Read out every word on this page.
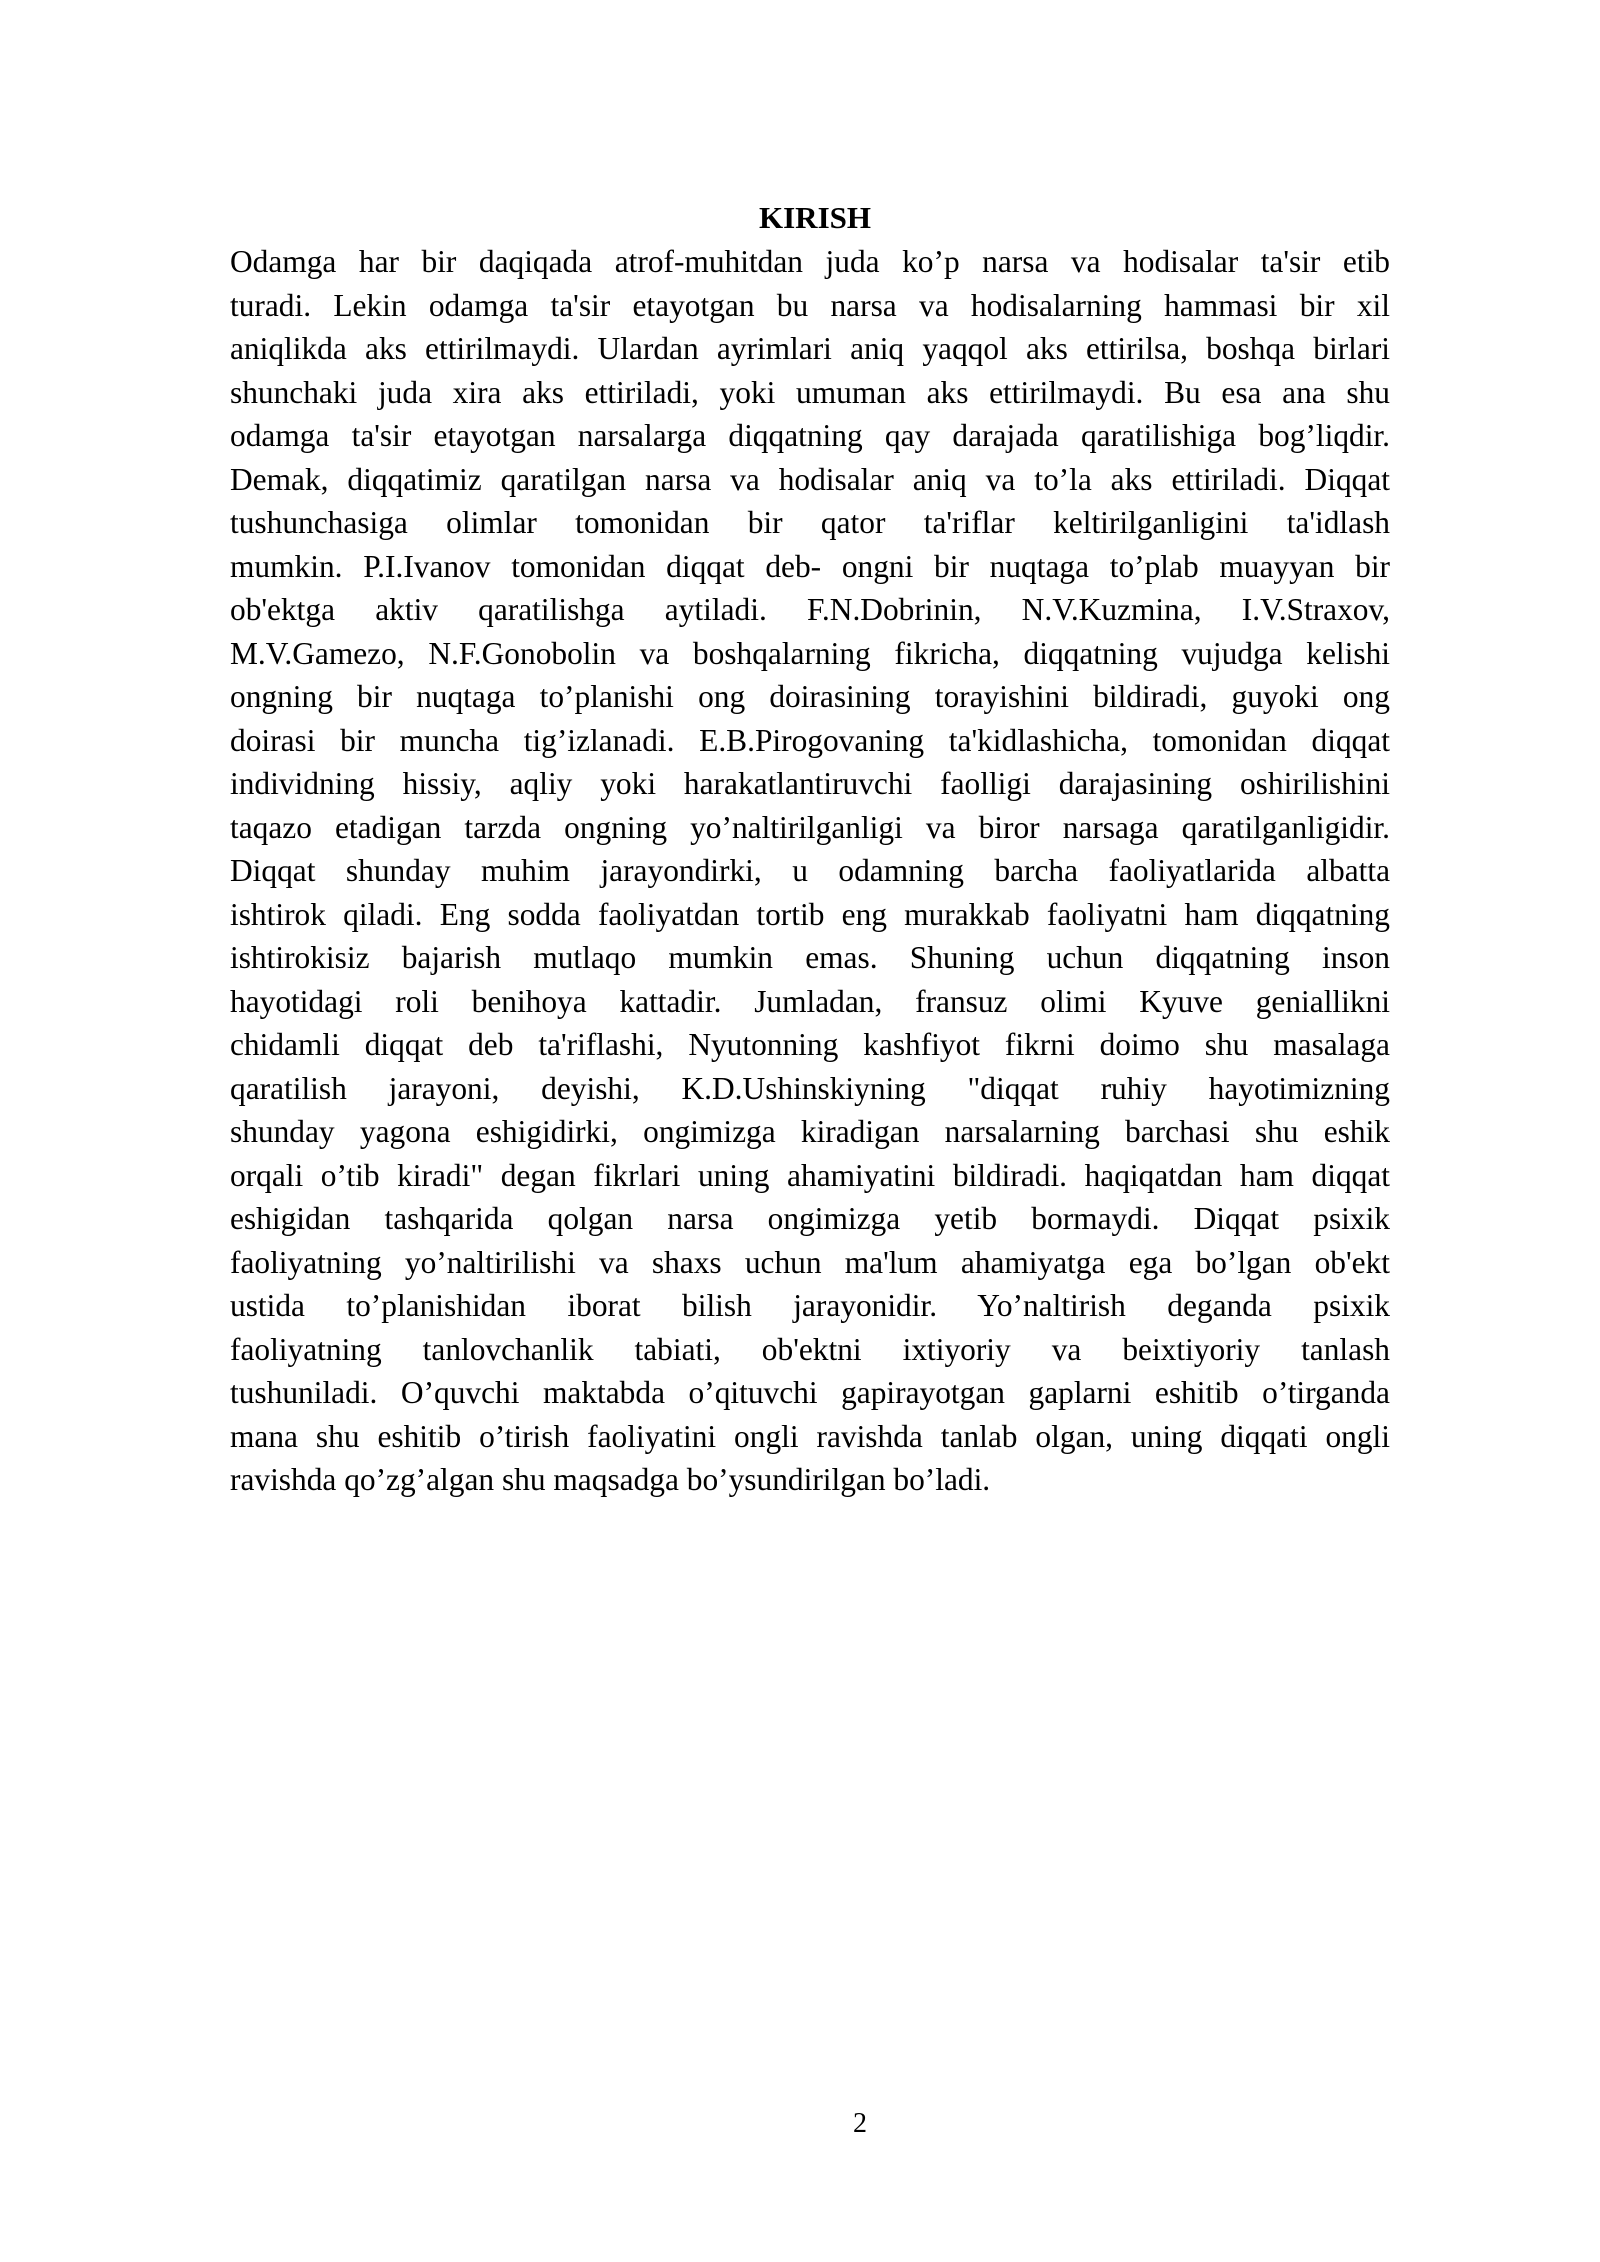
KIRISH
Odamga har bir daqiqada atrof-muhitdan juda ko’p narsa va hodisalar ta'sir etib
turadi. Lekin odamga ta'sir etayotgan bu narsa va hodisalarning hammasi bir xil
aniqlikda aks ettirilmaydi. Ulardan ayrimlari aniq yaqqol aks ettirilsa, boshqa birlari
shunchaki juda xira aks ettiriladi, yoki umuman aks ettirilmaydi. Bu esa ana shu
odamga ta'sir etayotgan narsalarga diqqatning qay darajada qaratilishiga bog’liqdir.
Demak, diqqatimiz qaratilgan narsa va hodisalar aniq va to’la aks ettiriladi. Diqqat
tushunchasiga olimlar tomonidan bir qator ta'riflar keltirilganligini ta'idlash
mumkin. P.I.Ivanov tomonidan diqqat deb- ongni bir nuqtaga to’plab muayyan bir
ob'ektga aktiv qaratilishga aytiladi. F.N.Dobrinin, N.V.Kuzmina, I.V.Straxov,
M.V.Gamezo, N.F.Gonobolin va boshqalarning fikricha, diqqatning vujudga kelishi
ongning bir nuqtaga to’planishi ong doirasining torayishini bildiradi, guyoki ong
doirasi bir muncha tig’izlanadi. E.B.Pirogovaning ta'kidlashicha, tomonidan diqqat
individning hissiy, aqliy yoki harakatlantiruvchi faolligi darajasining oshirilishini
taqazo etadigan tarzda ongning yo’naltirilganligi va biror narsaga qaratilganligidir.
Diqqat shunday muhim jarayondirki, u odamning barcha faoliyatlarida albatta
ishtirok qiladi. Eng sodda faoliyatdan tortib eng murakkab faoliyatni ham diqqatning
ishtirokisiz bajarish mutlaqo mumkin emas. Shuning uchun diqqatning inson
hayotidagi roli benihoya kattadir. Jumladan, fransuz olimi Kyuve geniallikni
chidamli diqqat deb ta'riflashi, Nyutonning kashfiyot fikrni doimo shu masalaga
qaratilish jarayoni, deyishi, K.D.Ushinskiyning "diqqat ruhiy hayotimizning
shunday yagona eshigidirki, ongimizga kiradigan narsalarning barchasi shu eshik
orqali o’tib kiradi" degan fikrlari uning ahamiyatini bildiradi. haqiqatdan ham diqqat
eshigidan tashqarida qolgan narsa ongimizga yetib bormaydi. Diqqat psixik
faoliyatning yo’naltirilishi va shaxs uchun ma'lum ahamiyatga ega bo’lgan ob'ekt
ustida to’planishidan iborat bilish jarayonidir. Yo’naltirish deganda psixik
faoliyatning tanlovchanlik tabiati, ob'ektni ixtiyoriy va beixtiyoriy tanlash
tushuniladi. O’quvchi maktabda o’qituvchi gapirayotgan gaplarni eshitib o’tirganda
mana shu eshitib o’tirish faoliyatini ongli ravishda tanlab olgan, uning diqqati ongli
ravishda qo’zg’algan shu maqsadga bo’ysundirilgan bo’ladi.
2
